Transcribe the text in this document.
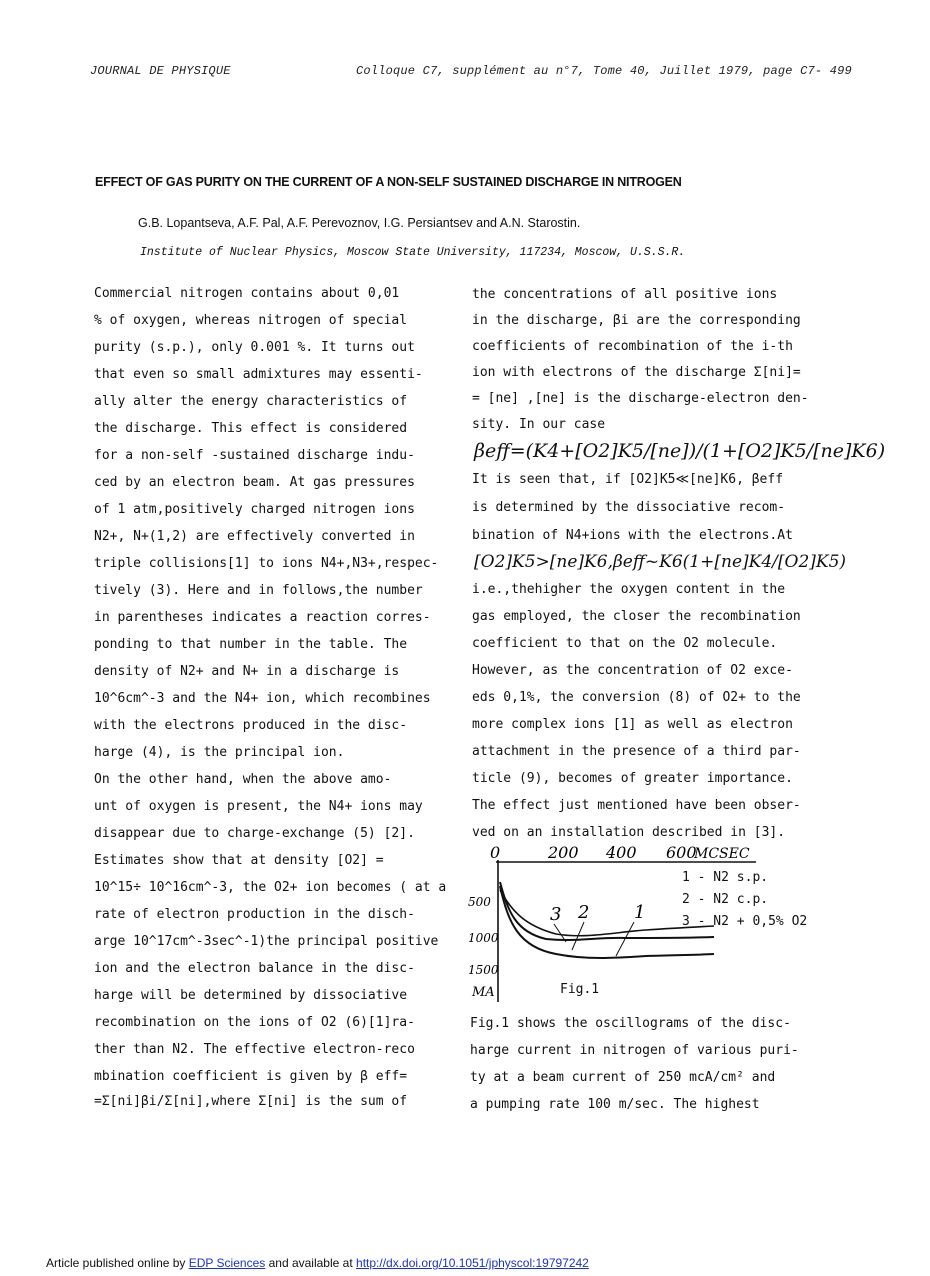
JOURNAL DE PHYSIQUE	Colloque C7, supplément au n°7, Tome 40, Juillet 1979, page C7- 499
EFFECT OF GAS PURITY ON THE CURRENT OF A NON-SELF SUSTAINED DISCHARGE IN NITROGEN
G.B. Lopantseva, A.F. Pal, A.F. Perevoznov, I.G. Persiantsev and A.N. Starostin.
Institute of Nuclear Physics, Moscow State University, 117234, Moscow, U.S.S.R.
Commercial nitrogen contains about 0,01
% of oxygen, whereas nitrogen of special
purity (s.p.), only 0.001 %. It turns out
that even so small admixtures may essenti-
ally alter the energy characteristics of
the discharge. This effect is considered
for a non-self -sustained discharge indu-
ced by an electron beam. At gas pressures
of 1 atm,positively charged nitrogen ions
N2+, N+(1,2) are effectively converted in
triple collisions[1] to ions N4+,N3+,respec-
tively (3). Here and in follows,the number
in parentheses indicates a reaction corres-
ponding to that number in the table. The
density of N2+ and N+ in a discharge is
10^6cm^-3 and the N4+ ion, which recombines
with the electrons produced in the disc-
harge (4), is the principal ion.
On the other hand, when the above amo-
unt of oxygen is present, the N4+ ions may
disappear due to charge-exchange (5) [2].
Estimates show that at density [O2] =
10^15÷ 10^16cm^-3, the O2+ ion becomes ( at a
rate of electron production in the disch-
arge 10^17cm^-3sec^-1)the principal positive
ion and the electron balance in the disc-
harge will be determined by dissociative
recombination on the ions of O2 (6)[1]ra-
ther than N2. The effective electron-reco
mbination coefficient is given by β eff=
=Σ[ni]βi/Σ[ni],where Σ[ni] is the sum of
the concentrations of all positive ions
in the discharge, βi are the corresponding
coefficients of recombination of the i-th
ion with electrons of the discharge Σ[ni]=
= [ne] ,[ne] is the discharge-electron den-
sity. In our case
βeff=(K4+[O2]K5/[ne])/(1+[O2]K5/[ne]K6)
It is seen that, if [O2]K5≪[ne]K6, βeff
is determined by the dissociative recom-
bination of N4+ions with the electrons.At
[O2]K5>[ne]K6,βeff~K6(1+[ne]K4/[O2]K5)
i.e.,thehigher the oxygen content in the
gas employed, the closer the recombination
coefficient to that on the O2 molecule.
However, as the concentration of O2 exce-
eds 0,1%, the conversion (8) of O2+ to the
more complex ions [1] as well as electron
attachment in the presence of a third par-
ticle (9), becomes of greater importance.
The effect just mentioned have been obser-
ved on an installation described in [3].
0	200 400 600
MCSEC
500
1000
1500
MA
3 2 1
1 - N2 s.p.
2 - N2 c.p.
3 - N2 + 0,5% O2
Fig.1
Fig.1 shows the oscillograms of the disc-
harge current in nitrogen of various puri-
ty at a beam current of 250 mcA/cm² and
a pumping rate 100 m/sec. The highest
Article published online by EDP Sciences and available at http://dx.doi.org/10.1051/jphyscol:19797242
